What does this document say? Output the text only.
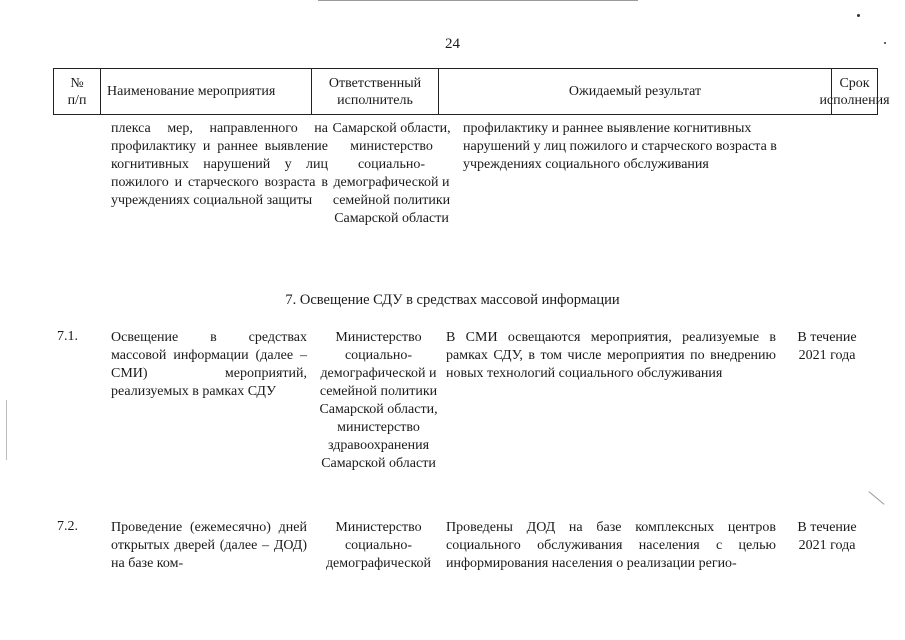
24
№
п/п
Наименование мероприятия
Ответственный исполнитель
Ожидаемый результат
Срок исполнения
плекса мер, направленного на профилактику и раннее выявление когнитивных нарушений у лиц пожилого и старческого возраста в учреждениях социальной защиты
Самарской области, министерство социально-демографической и семейной политики Самарской области
профилактику и раннее выявление когнитивных нарушений у лиц пожилого и старческого возраста в учреждениях социального обслуживания
7. Освещение СДУ в средствах массовой информации
7.1. Освещение в средствах массовой информации (далее – СМИ) мероприятий, реализуемых в рамках СДУ
Министерство социально-демографической и семейной политики Самарской области, министерство здравоохранения Самарской области
В СМИ освещаются мероприятия, реализуемые в рамках СДУ, в том числе мероприятия по внедрению новых технологий социального обслуживания
В течение 2021 года
7.2. Проведение (ежемесячно) дней открытых дверей (далее – ДОД) на базе ком-
Министерство социально-демографической
Проведены ДОД на базе комплексных центров социального обслуживания населения с целью информирования населения о реализации регио-
В течение 2021 года
